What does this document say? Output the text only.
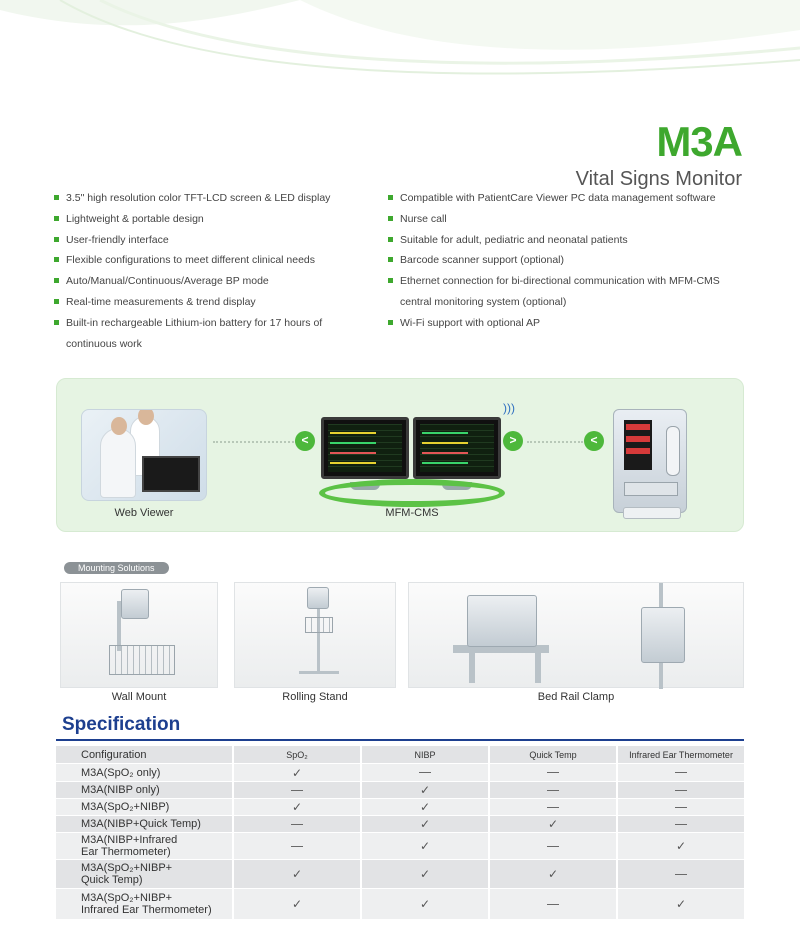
M3A
Vital Signs Monitor
3.5" high resolution color TFT-LCD screen & LED display
Lightweight & portable design
User-friendly interface
Flexible configurations to meet different clinical needs
Auto/Manual/Continuous/Average BP mode
Real-time measurements & trend display
Built-in rechargeable Lithium-ion battery for 17 hours of
continuous work
Compatible with PatientCare Viewer PC data management software
Nurse call
Suitable for adult, pediatric and neonatal patients
Barcode scanner support (optional)
Ethernet connection for bi-directional communication with MFM-CMS
central monitoring system (optional)
Wi-Fi support with optional AP
Web Viewer
<
)))
MFM-CMS
>	<
Mounting Solutions
Wall Mount	Rolling Stand	Bed Rail Clamp
Specification
Configuration	SpO₂	NIBP	Quick Temp	Infrared Ear Thermometer
M3A(SpO₂ only)	✓			
M3A(NIBP only)		✓		
M3A(SpO₂+NIBP)	✓	✓		
M3A(NIBP+Quick Temp)		✓	✓	
M3A(NIBP+Infrared
Ear Thermometer)		✓		✓
M3A(SpO₂+NIBP+
Quick Temp)	✓	✓	✓	
M3A(SpO₂+NIBP+
Infrared Ear Thermometer)	✓	✓		✓
